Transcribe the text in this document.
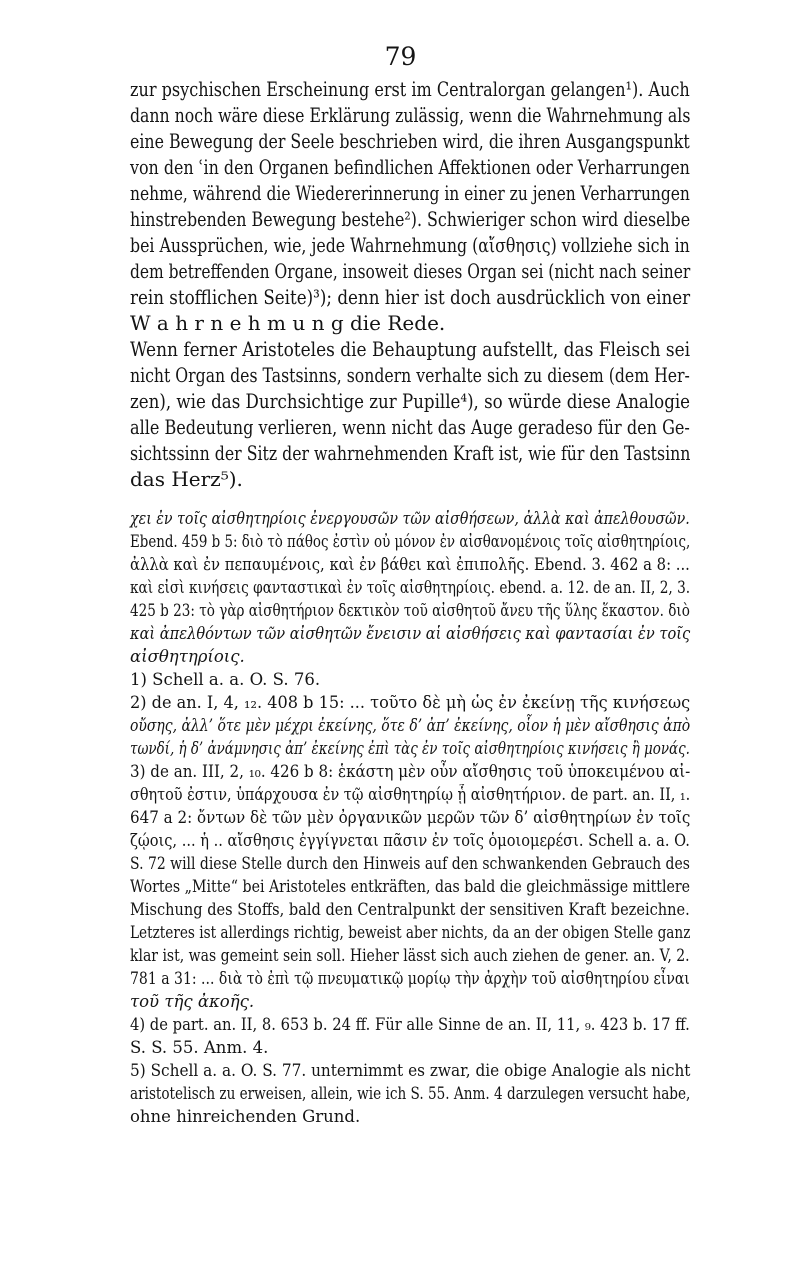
79
zur psychischen Erscheinung erst im Centralorgan gelangen¹). Auch
dann noch wäre diese Erklärung zulässig, wenn die Wahrnehmung als
eine Bewegung der Seele beschrieben wird, die ihren Ausgangspunkt
von den ʿin den Organen befindlichen Affektionen oder Verharrungen
nehme, während die Wiedererinnerung in einer zu jenen Verharrungen
hinstrebenden Bewegung bestehe²). Schwieriger schon wird dieselbe
bei Aussprüchen, wie, jede Wahrnehmung (αἴσθησις) vollziehe sich in
dem betreffenden Organe, insoweit dieses Organ sei (nicht nach seiner
rein stofflichen Seite)³); denn hier ist doch ausdrücklich von einer
W a h r n e h m u n g die Rede.
Wenn ferner Aristoteles die Behauptung aufstellt, das Fleisch sei
nicht Organ des Tastsinns, sondern verhalte sich zu diesem (dem Her-
zen), wie das Durchsichtige zur Pupille⁴), so würde diese Analogie
alle Bedeutung verlieren, wenn nicht das Auge geradeso für den Ge-
sichtssinn der Sitz der wahrnehmenden Kraft ist, wie für den Tastsinn
das Herz⁵).
χει ἐν τοῖς αἰσθητηρίοις ἐνεργουσῶν τῶν αἰσθήσεων, ἀλλὰ καὶ ἀπελθουσῶν.
Ebend. 459 b 5: διὸ τὸ πάθος ἐστὶν οὐ μόνον ἐν αἰσθανομένοις τοῖς αἰσθητηρίοις,
ἀλλὰ καὶ ἐν πεπαυμένοις, καὶ ἐν βάθει καὶ ἐπιπολῆς. Ebend. 3. 462 a 8: ...
καὶ εἰσὶ κινήσεις φανταστικαὶ ἐν τοῖς αἰσθητηρίοις. ebend. a. 12. de an. II, 2, 3.
425 b 23: τὸ γὰρ αἰσθητήριον δεκτικὸν τοῦ αἰσθητοῦ ἄνευ τῆς ὕλης ἕκαστον. διὸ
καὶ ἀπελθόντων τῶν αἰσθητῶν ἔνεισιν αἱ αἰσθήσεις καὶ φαντασίαι ἐν τοῖς
αἰσθητηρίοις.
1) Schell a. a. O. S. 76.
2) de an. I, 4, ₁₂. 408 b 15: ... τοῦτο δὲ μὴ ὡς ἐν ἐκείνῃ τῆς κινήσεως
οὔσης, ἀλλ’ ὅτε μὲν μέχρι ἐκείνης, ὅτε δ’ ἀπ’ ἐκείνης, οἷον ἡ μὲν αἴσθησις ἀπὸ
τωνδί, ἡ δ’ ἀνάμνησις ἀπ’ ἐκείνης ἐπὶ τὰς ἐν τοῖς αἰσθητηρίοις κινήσεις ἢ μονάς.
3) de an. III, 2, ₁₀. 426 b 8: ἑκάστη μὲν οὖν αἴσθησις τοῦ ὑποκειμένου αἰ-
σθητοῦ ἐστιν, ὑπάρχουσα ἐν τῷ αἰσθητηρίῳ ᾗ αἰσθητήριον. de part. an. II, ₁.
647 a 2: ὄντων δὲ τῶν μὲν ὀργανικῶν μερῶν τῶν δ’ αἰσθητηρίων ἐν τοῖς
ζῴοις, ... ἡ .. αἴσθησις ἐγγίγνεται πᾶσιν ἐν τοῖς ὁμοιομερέσι. Schell a. a. O.
S. 72 will diese Stelle durch den Hinweis auf den schwankenden Gebrauch des
Wortes „Mitte“ bei Aristoteles entkräften, das bald die gleichmässige mittlere
Mischung des Stoffs, bald den Centralpunkt der sensitiven Kraft bezeichne.
Letzteres ist allerdings richtig, beweist aber nichts, da an der obigen Stelle ganz
klar ist, was gemeint sein soll. Hieher lässt sich auch ziehen de gener. an. V, 2.
781 a 31: ... διὰ τὸ ἐπὶ τῷ πνευματικῷ μορίῳ τὴν ἀρχὴν τοῦ αἰσθητηρίου εἶναι
τοῦ τῆς ἀκοῆς.
4) de part. an. II, 8. 653 b. 24 ff. Für alle Sinne de an. II, 11, ₉. 423 b. 17 ff.
S. S. 55. Anm. 4.
5) Schell a. a. O. S. 77. unternimmt es zwar, die obige Analogie als nicht
aristotelisch zu erweisen, allein, wie ich S. 55. Anm. 4 darzulegen versucht habe,
ohne hinreichenden Grund.
